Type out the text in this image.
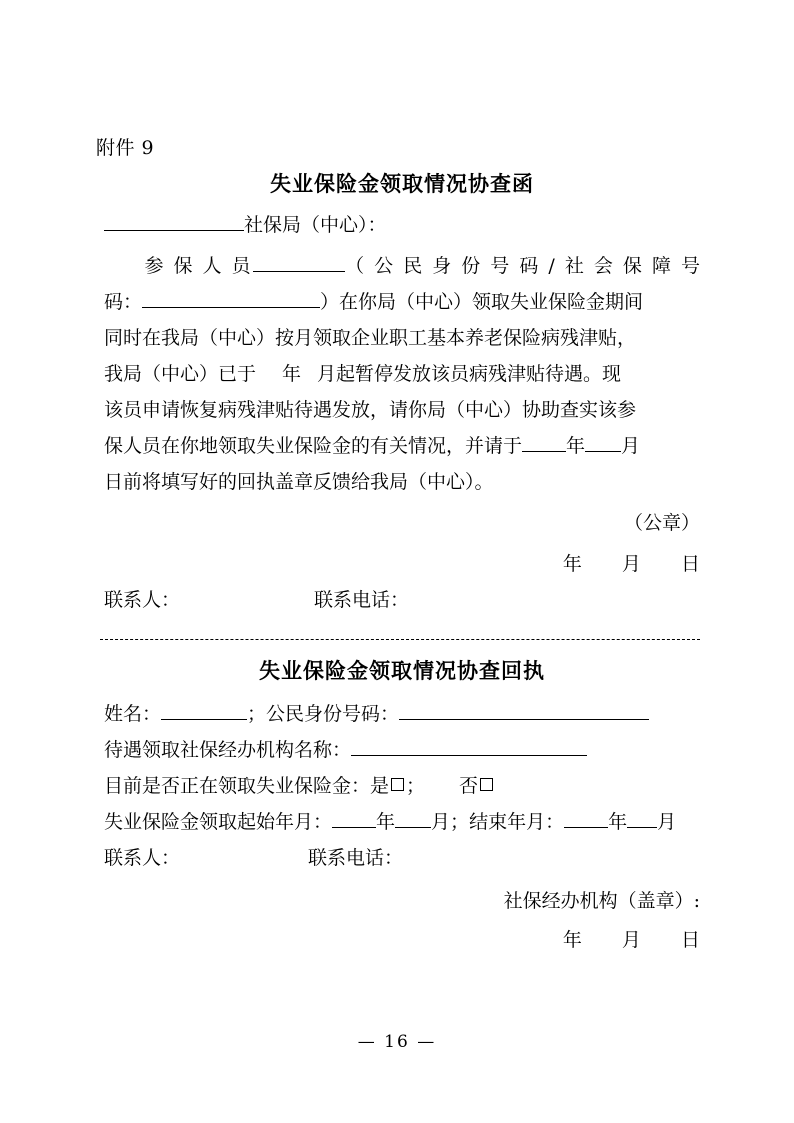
附件 9
失业保险金领取情况协查函
社保局（中心）：
参 保 人 员	（ 公 民 身 份 号 码 / 社 会 保 障 号
码：	）在你局（中心）领取失业保险金期间
同时在我局（中心）按月领取企业职工基本养老保险病残津贴，
我局（中心）已于 年 月起暂停发放该员病残津贴待遇。现
该员申请恢复病残津贴待遇发放，请你局（中心）协助查实该参
保人员在你地领取失业保险金的有关情况，并请于 年 月
日前将填写好的回执盖章反馈给我局（中心）。
（公章）
年 月 日
联系人：	联系电话：
失业保险金领取情况协查回执
姓名：	； 公民身份号码：
待遇领取社保经办机构名称：
目前是否正在领取失业保险金： 是 ； 否
失业保险金领取起始年月： 年 月 ； 结束年月： 年 月
联系人：	联系电话：
社保经办机构（盖章）:
年 月 日
— 16 —
